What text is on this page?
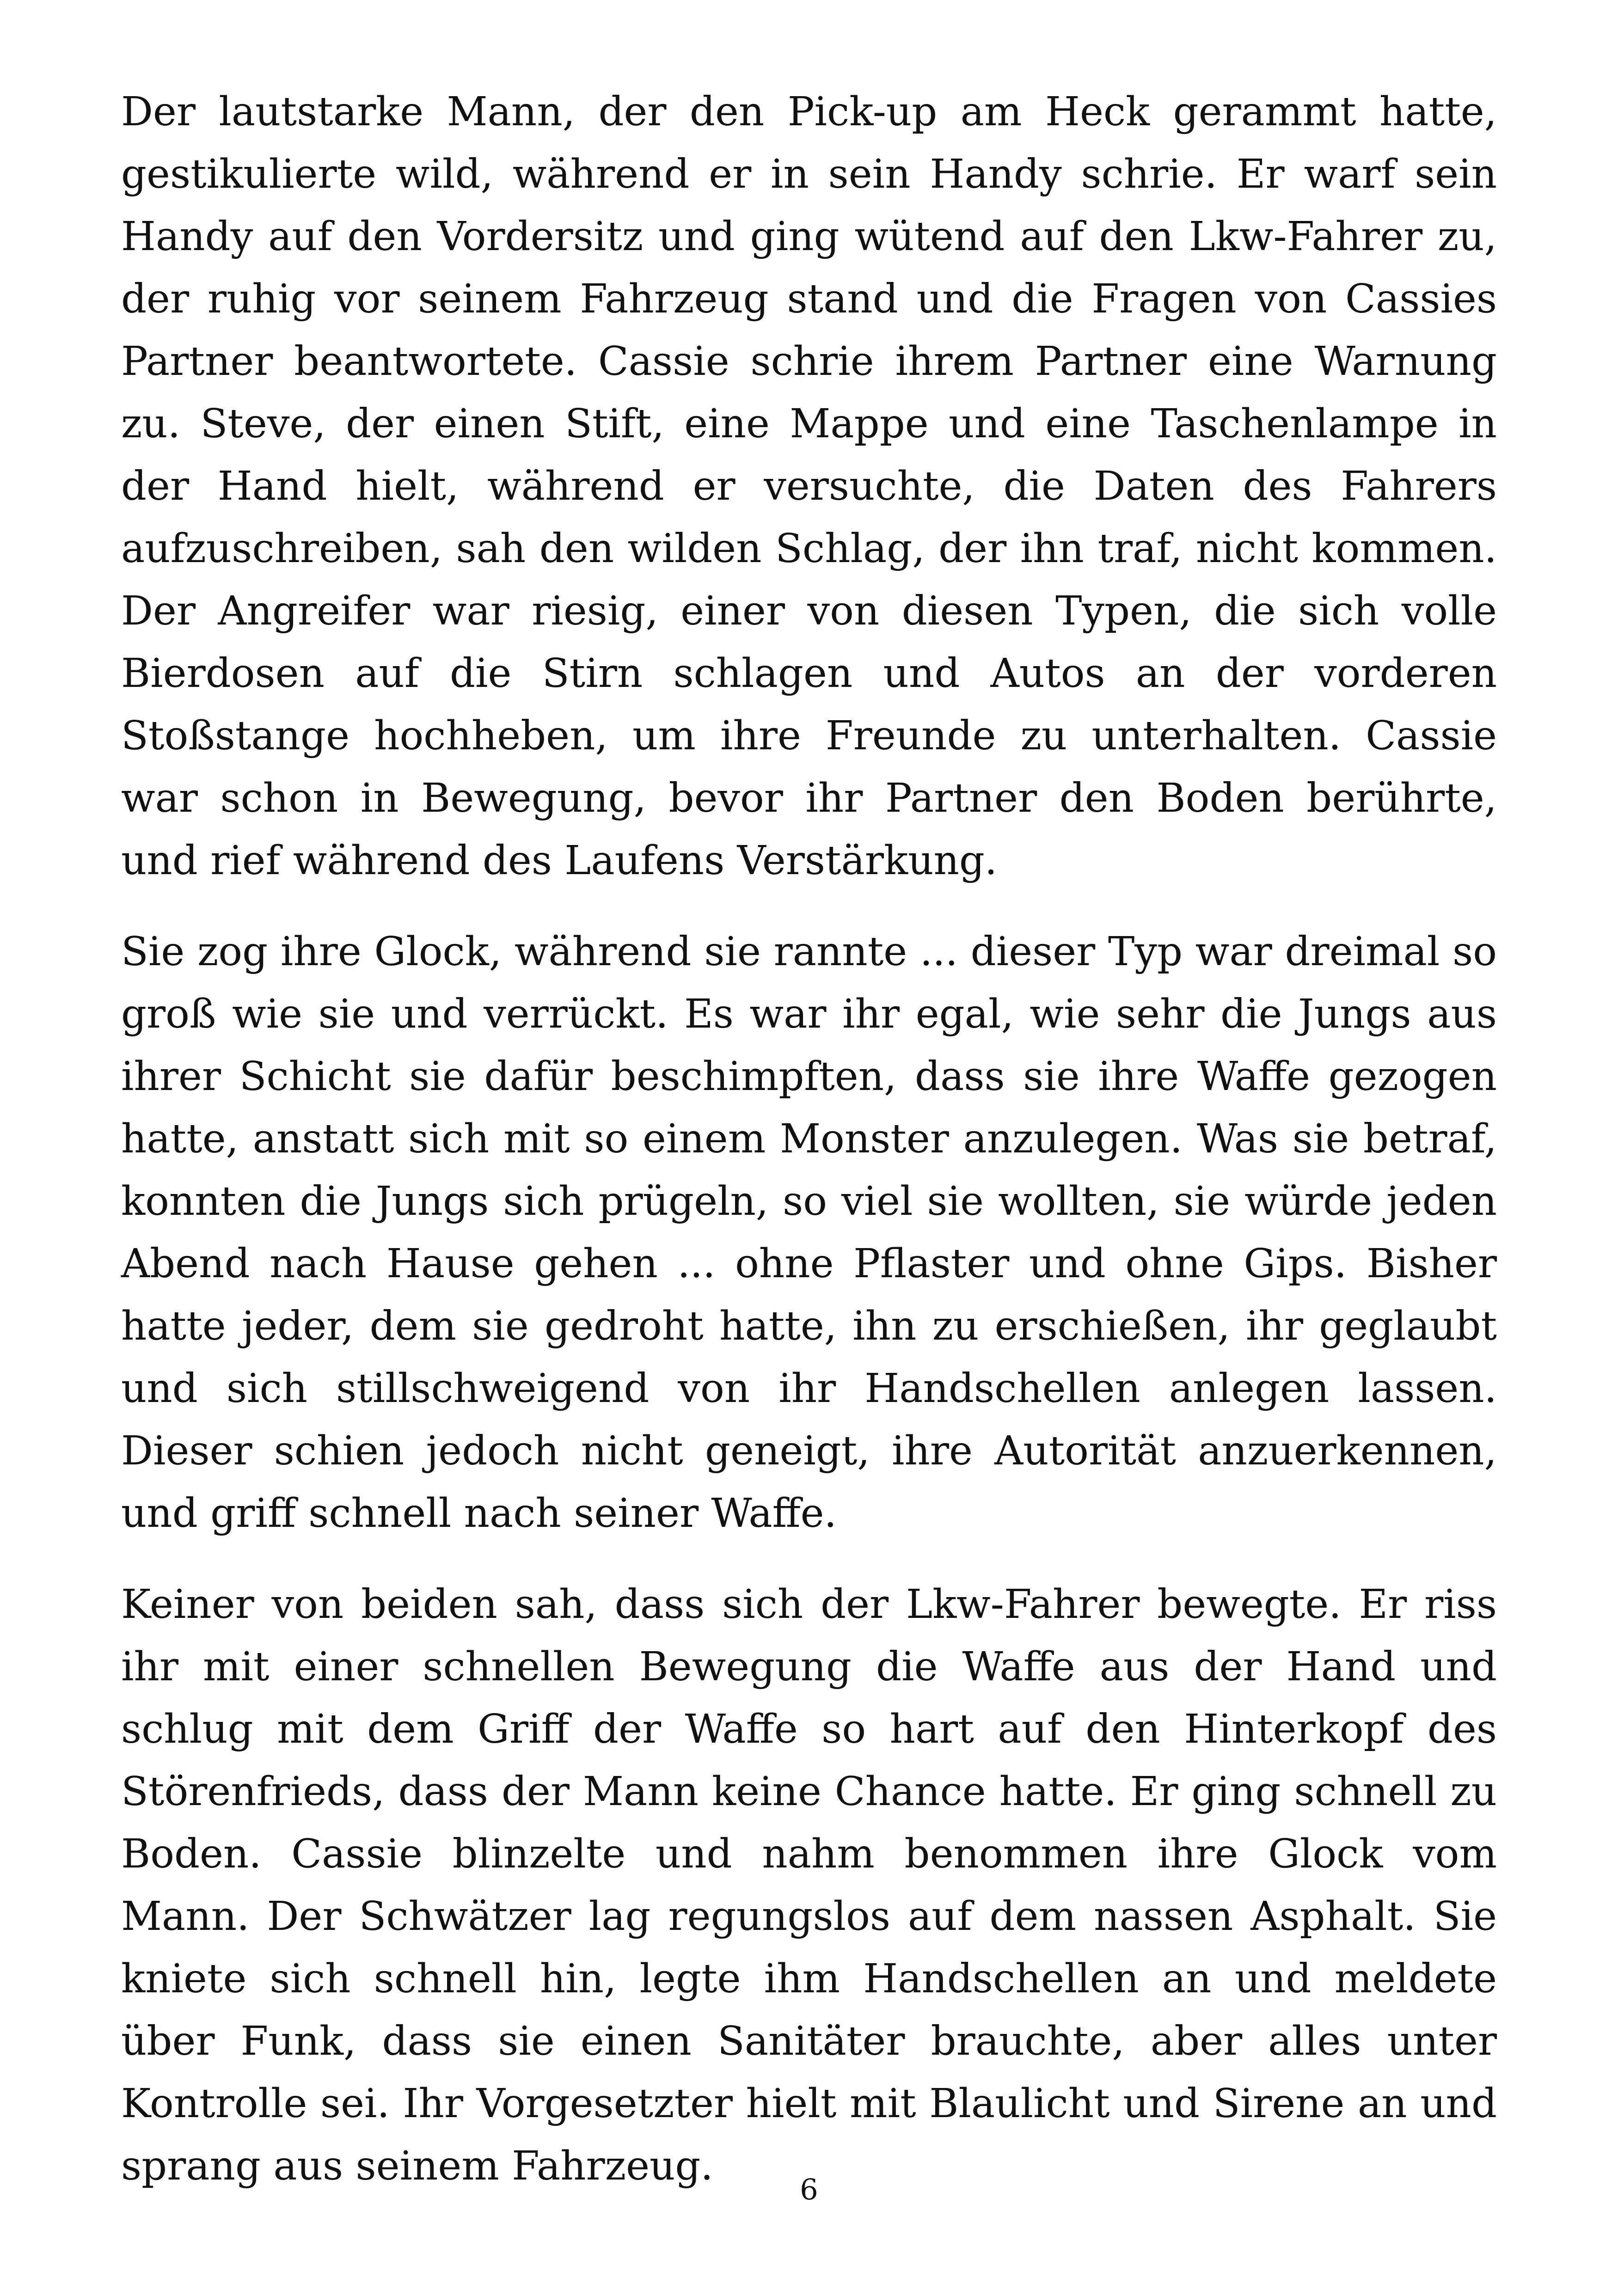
Der lautstarke Mann, der den Pick-up am Heck gerammt hatte, gestikulierte wild, während er in sein Handy schrie. Er warf sein Handy auf den Vordersitz und ging wütend auf den Lkw-Fahrer zu, der ruhig vor seinem Fahrzeug stand und die Fragen von Cassies Partner beantwortete. Cassie schrie ihrem Partner eine Warnung zu. Steve, der einen Stift, eine Mappe und eine Taschenlampe in der Hand hielt, während er versuchte, die Daten des Fahrers aufzuschreiben, sah den wilden Schlag, der ihn traf, nicht kommen. Der Angreifer war riesig, einer von diesen Typen, die sich volle Bierdosen auf die Stirn schlagen und Autos an der vorderen Stoßstange hochheben, um ihre Freunde zu unterhalten. Cassie war schon in Bewegung, bevor ihr Partner den Boden berührte, und rief während des Laufens Verstärkung.

Sie zog ihre Glock, während sie rannte ... dieser Typ war dreimal so groß wie sie und verrückt. Es war ihr egal, wie sehr die Jungs aus ihrer Schicht sie dafür beschimpften, dass sie ihre Waffe gezogen hatte, anstatt sich mit so einem Monster anzulegen. Was sie betraf, konnten die Jungs sich prügeln, so viel sie wollten, sie würde jeden Abend nach Hause gehen ... ohne Pflaster und ohne Gips. Bisher hatte jeder, dem sie gedroht hatte, ihn zu erschießen, ihr geglaubt und sich stillschweigend von ihr Handschellen anlegen lassen. Dieser schien jedoch nicht geneigt, ihre Autorität anzuerkennen, und griff schnell nach seiner Waffe.

Keiner von beiden sah, dass sich der Lkw-Fahrer bewegte. Er riss ihr mit einer schnellen Bewegung die Waffe aus der Hand und schlug mit dem Griff der Waffe so hart auf den Hinterkopf des Störenfrieds, dass der Mann keine Chance hatte. Er ging schnell zu Boden. Cassie blinzelte und nahm benommen ihre Glock vom Mann. Der Schwätzer lag regungslos auf dem nassen Asphalt. Sie kniete sich schnell hin, legte ihm Handschellen an und meldete über Funk, dass sie einen Sanitäter brauchte, aber alles unter Kontrolle sei. Ihr Vorgesetzter hielt mit Blaulicht und Sirene an und sprang aus seinem Fahrzeug.

6
